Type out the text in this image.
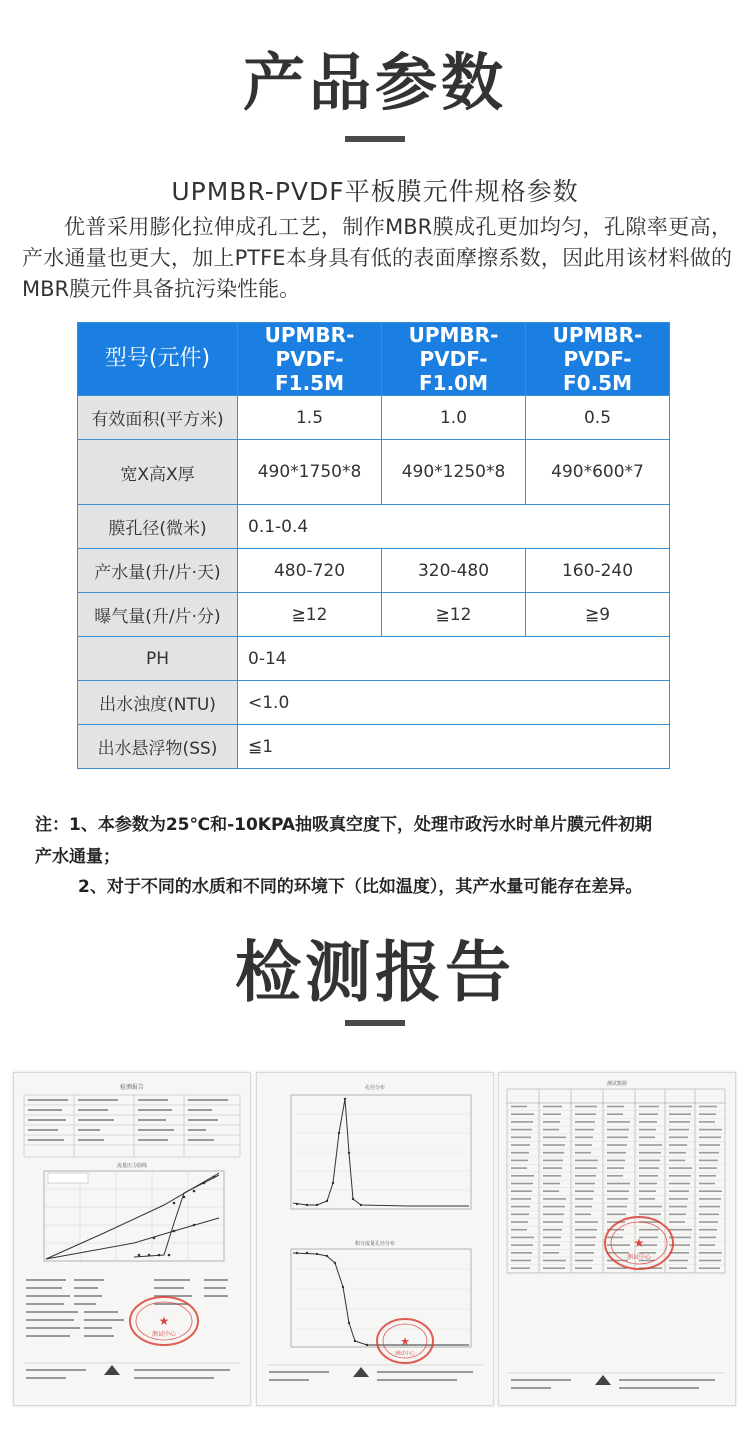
产品参数
UPMBR-PVDF平板膜元件规格参数
优普采用膨化拉伸成孔工艺，制作MBR膜成孔更加均匀，孔隙率更高，产水通量也更大，加上PTFE本身具有低的表面摩擦系数，因此用该材料做的MBR膜元件具备抗污染性能。
型号(元件)	UPMBR-PVDF-F1.5M	UPMBR-PVDF-F1.0M	UPMBR-PVDF-F0.5M
有效面积(平方米)	1.5	1.0	0.5
宽X高X厚	490*1750*8	490*1250*8	490*600*7
膜孔径(微米)	0.1-0.4		
产水量(升/片·天)	480-720	320-480	160-240
曝气量(升/片·分)	≧12	≧12	≧9
PH	0-14		
出水浊度(NTU)	<1.0		
出水悬浮物(SS)	≦1		
注：1、本参数为25℃和-10KPA抽吸真空度下，处理市政污水时单片膜元件初期
产水通量；
2、对于不同的水质和不同的环境下（比如温度），其产水量可能存在差异。
检测报告
检测报告
流量压力曲线
★
测试中心
孔径分布
积分流量孔径分布
★
测试中心
测试数据
★
测试中心
